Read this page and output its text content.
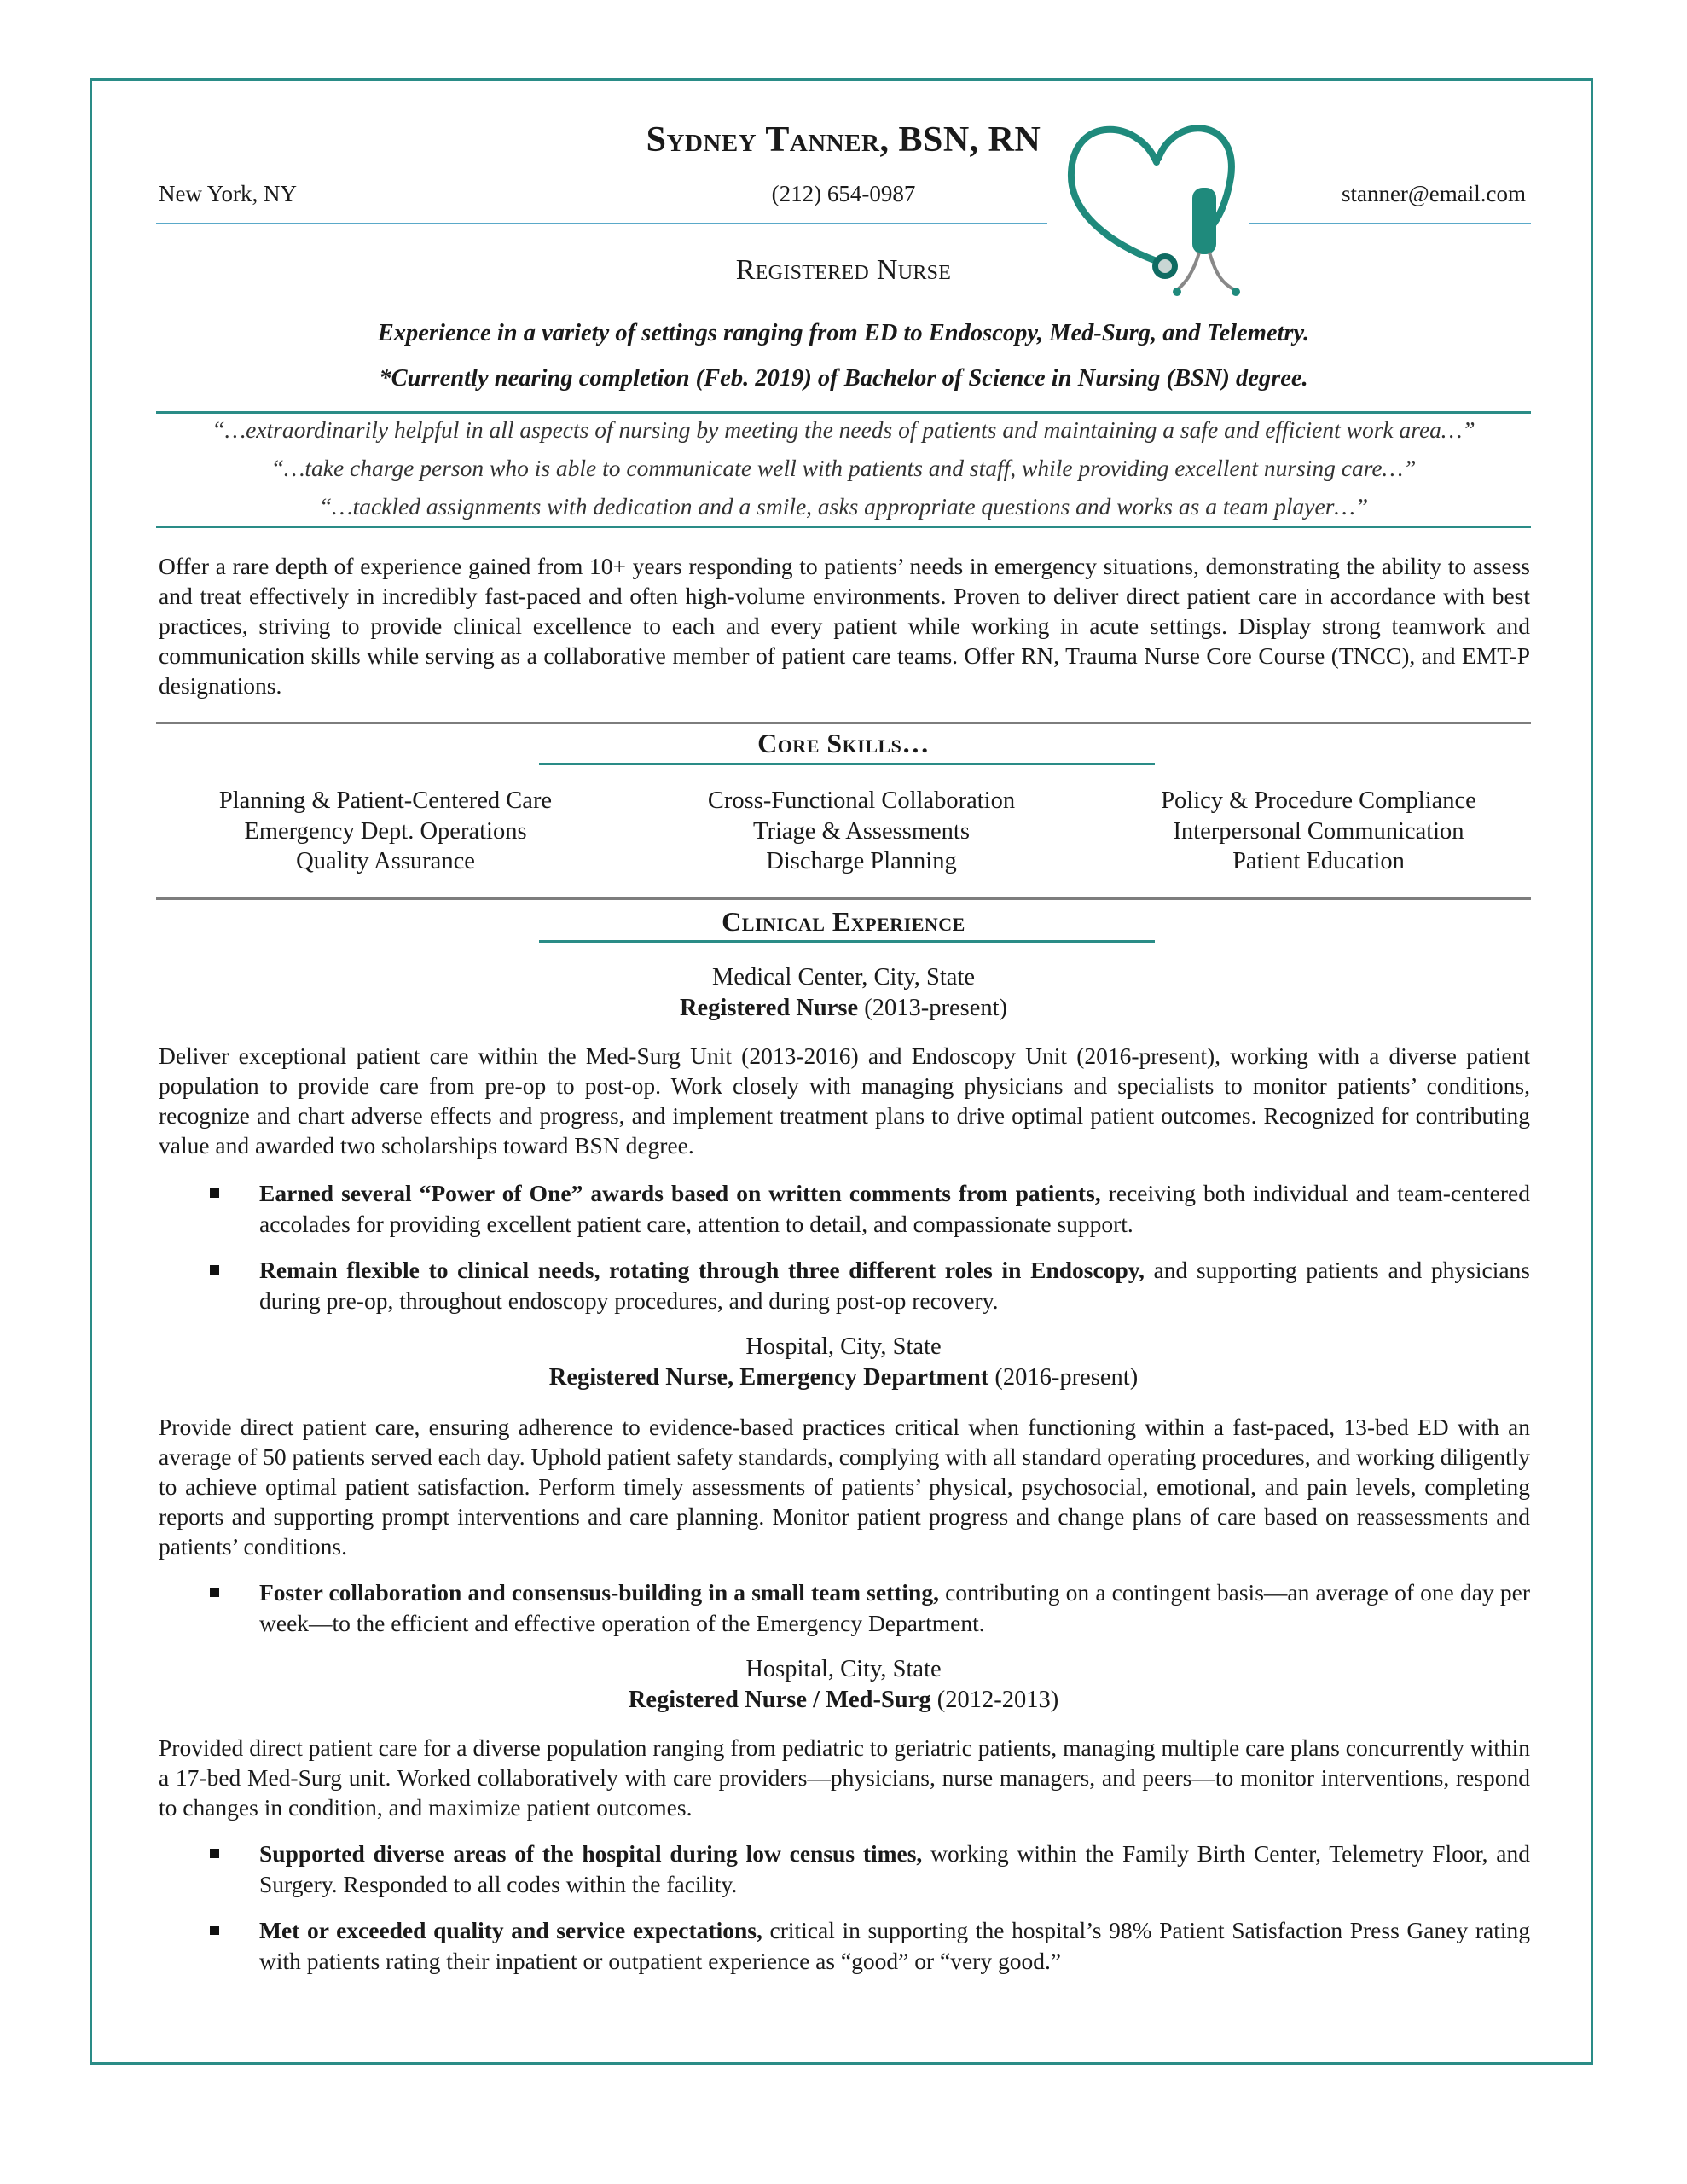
Sydney Tanner, BSN, RN
New York, NY	(212) 654-0987	stanner@email.com
Registered Nurse
Experience in a variety of settings ranging from ED to Endoscopy, Med-Surg, and Telemetry.
*Currently nearing completion (Feb. 2019) of Bachelor of Science in Nursing (BSN) degree.
“…extraordinarily helpful in all aspects of nursing by meeting the needs of patients and maintaining a safe and efficient work area…”
“…take charge person who is able to communicate well with patients and staff, while providing excellent nursing care…”
“…tackled assignments with dedication and a smile, asks appropriate questions and works as a team player…”
Offer a rare depth of experience gained from 10+ years responding to patients’ needs in emergency situations, demonstrating the ability to assess and treat effectively in incredibly fast-paced and often high-volume environments. Proven to deliver direct patient care in accordance with best practices, striving to provide clinical excellence to each and every patient while working in acute settings. Display strong teamwork and communication skills while serving as a collaborative member of patient care teams. Offer RN, Trauma Nurse Core Course (TNCC), and EMT-P designations.
Core Skills…
Planning & Patient-Centered Care
Emergency Dept. Operations
Quality Assurance
Cross-Functional Collaboration
Triage & Assessments
Discharge Planning
Policy & Procedure Compliance
Interpersonal Communication
Patient Education
Clinical Experience
Medical Center, City, State
Registered Nurse (2013-present)
Deliver exceptional patient care within the Med-Surg Unit (2013-2016) and Endoscopy Unit (2016-present), working with a diverse patient population to provide care from pre-op to post-op. Work closely with managing physicians and specialists to monitor patients’ conditions, recognize and chart adverse effects and progress, and implement treatment plans to drive optimal patient outcomes. Recognized for contributing value and awarded two scholarships toward BSN degree.
Earned several “Power of One” awards based on written comments from patients, receiving both individual and team-centered accolades for providing excellent patient care, attention to detail, and compassionate support.
Remain flexible to clinical needs, rotating through three different roles in Endoscopy, and supporting patients and physicians during pre-op, throughout endoscopy procedures, and during post-op recovery.
Hospital, City, State
Registered Nurse, Emergency Department (2016-present)
Provide direct patient care, ensuring adherence to evidence-based practices critical when functioning within a fast-paced, 13-bed ED with an average of 50 patients served each day. Uphold patient safety standards, complying with all standard operating procedures, and working diligently to achieve optimal patient satisfaction. Perform timely assessments of patients’ physical, psychosocial, emotional, and pain levels, completing reports and supporting prompt interventions and care planning. Monitor patient progress and change plans of care based on reassessments and patients’ conditions.
Foster collaboration and consensus-building in a small team setting, contributing on a contingent basis—an average of one day per week—to the efficient and effective operation of the Emergency Department.
Hospital, City, State
Registered Nurse / Med-Surg (2012-2013)
Provided direct patient care for a diverse population ranging from pediatric to geriatric patients, managing multiple care plans concurrently within a 17-bed Med-Surg unit. Worked collaboratively with care providers—physicians, nurse managers, and peers—to monitor interventions, respond to changes in condition, and maximize patient outcomes.
Supported diverse areas of the hospital during low census times, working within the Family Birth Center, Telemetry Floor, and Surgery. Responded to all codes within the facility.
Met or exceeded quality and service expectations, critical in supporting the hospital’s 98% Patient Satisfaction Press Ganey rating with patients rating their inpatient or outpatient experience as “good” or “very good.”
